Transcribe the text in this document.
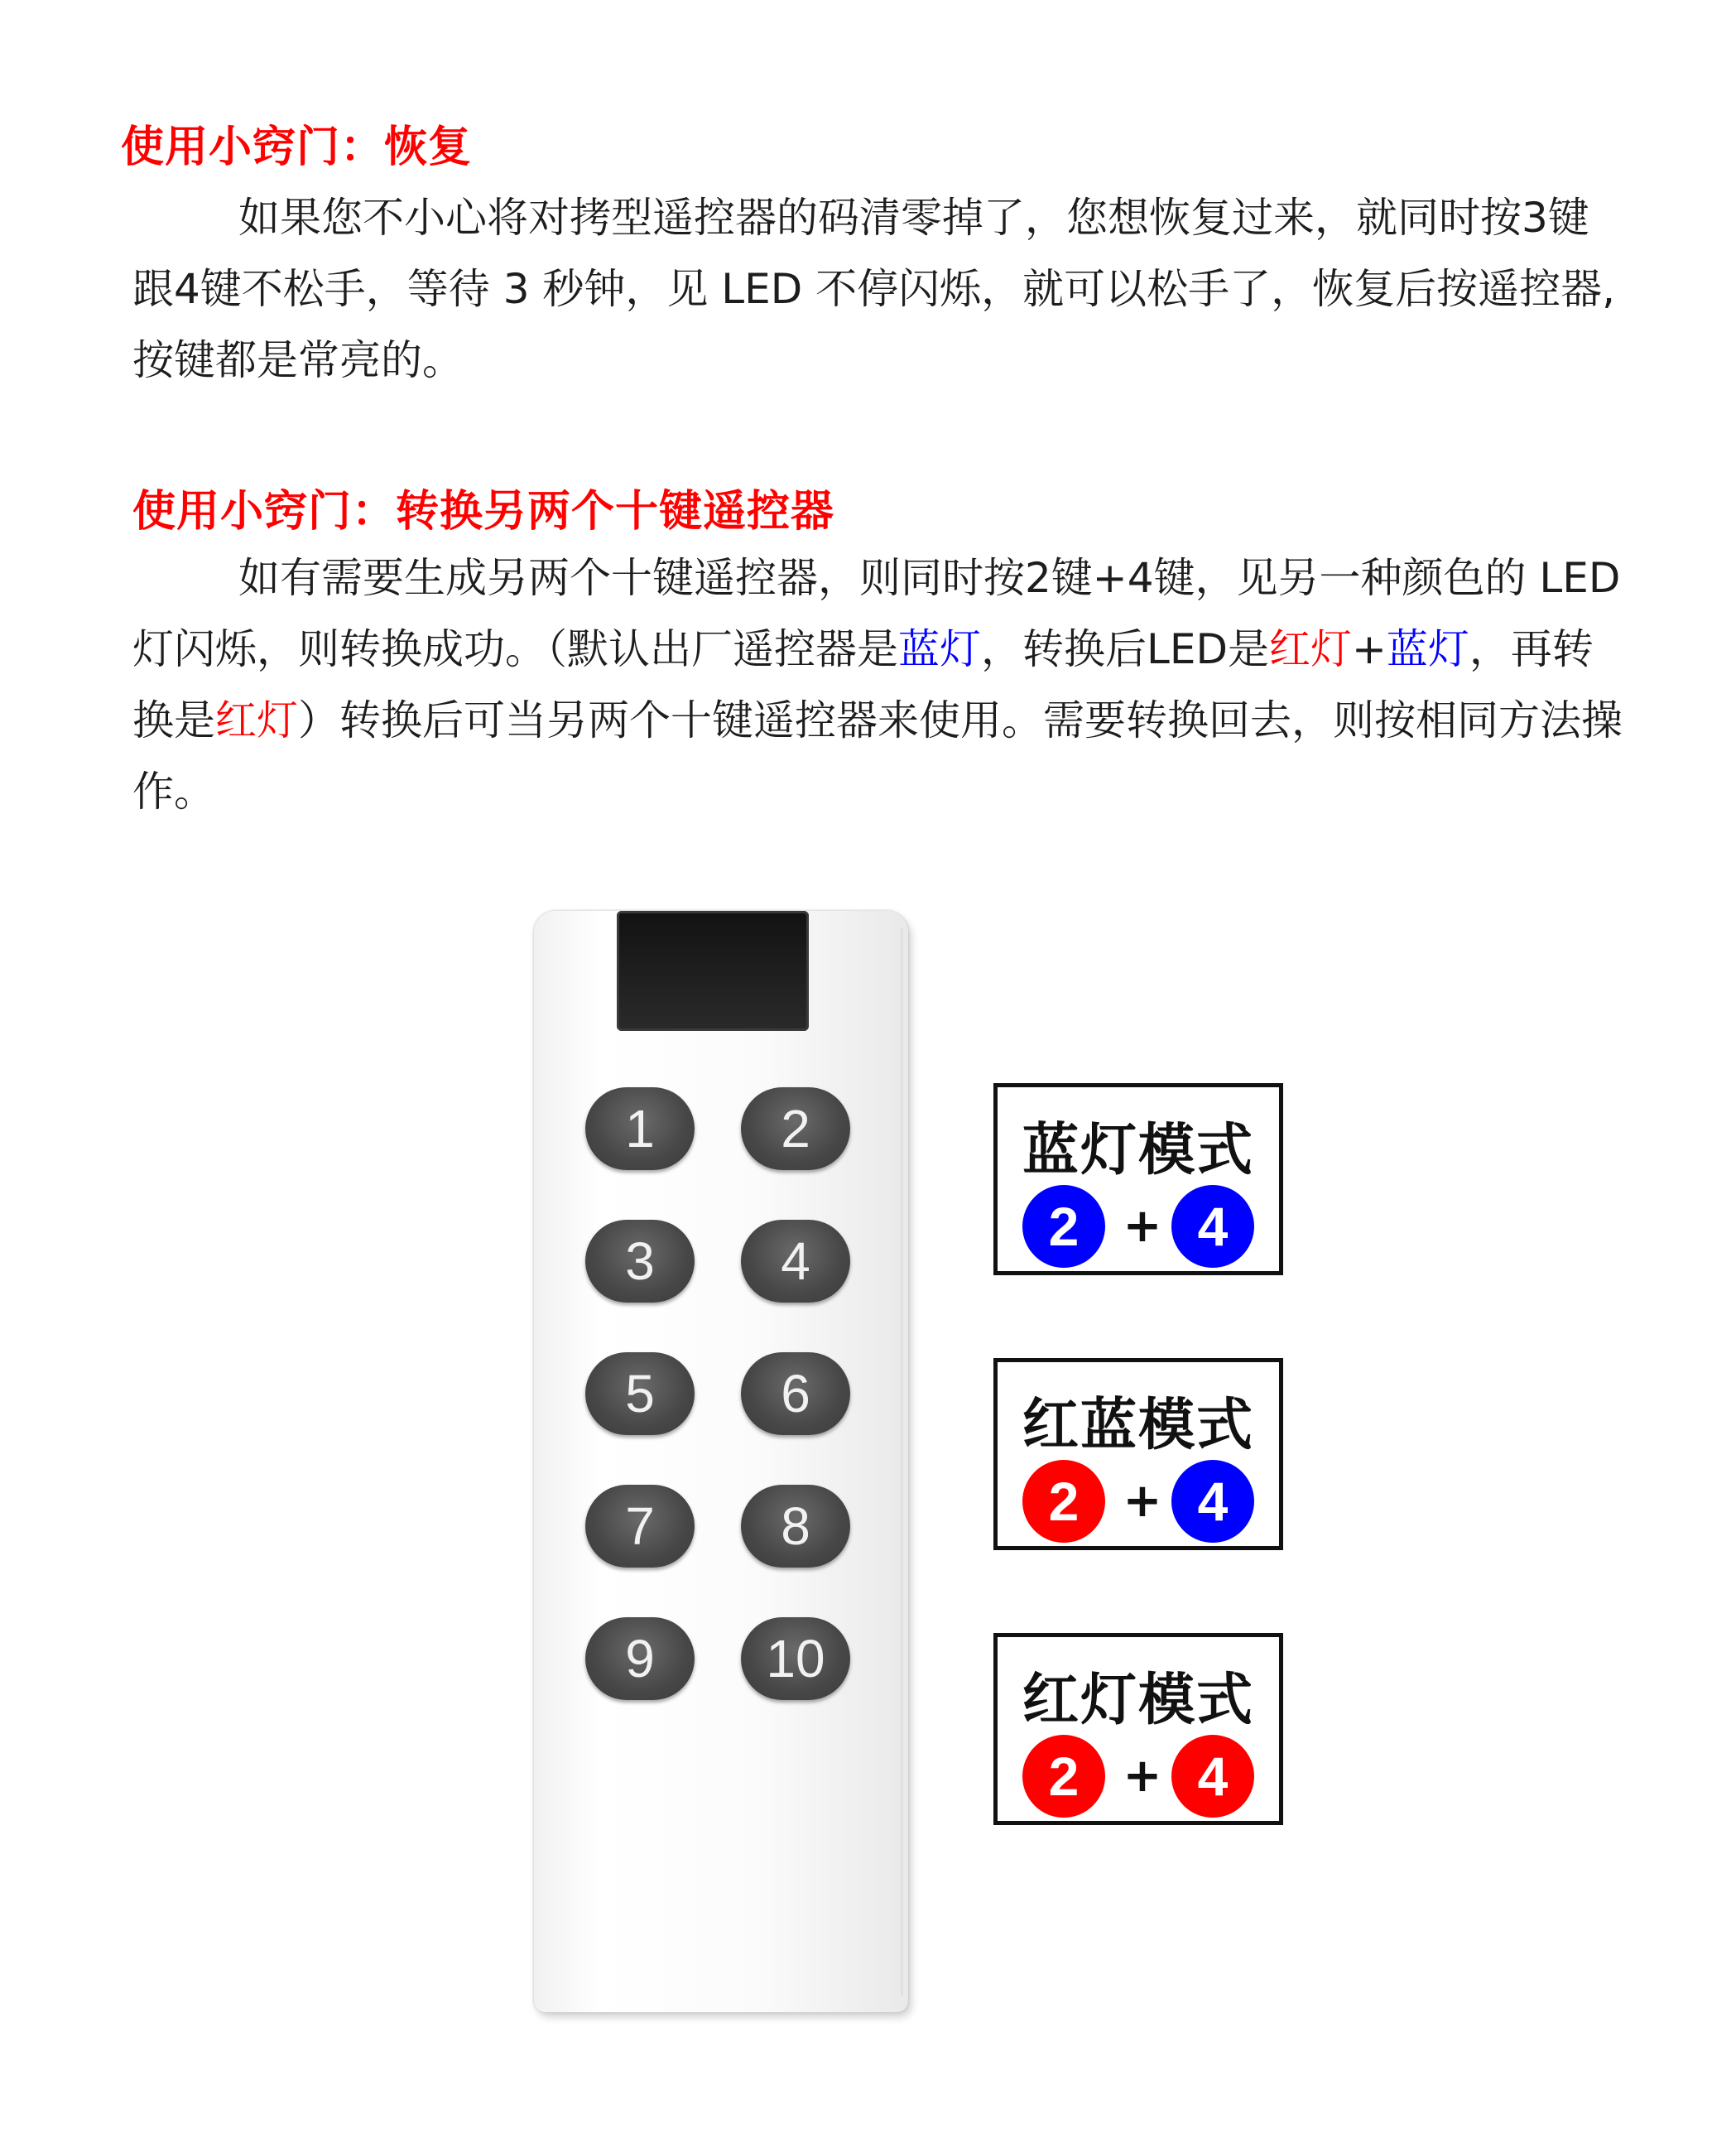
使用小窍门：恢复
如果您不小心将对拷型遥控器的码清零掉了，您想恢复过来，就同时按3键跟4键不松手，等待 3 秒钟，见 LED 不停闪烁，就可以松手了，恢复后按遥控器,按键都是常亮的。
使用小窍门：转换另两个十键遥控器
如有需要生成另两个十键遥控器，则同时按2键+4键，见另一种颜色的 LED 灯闪烁，则转换成功。（默认出厂遥控器是蓝灯，转换后LED是红灯+蓝灯，再转换是红灯）转换后可当另两个十键遥控器来使用。需要转换回去，则按相同方法操作。
1	2
3	4
5	6
7	8
9	10
蓝灯模式
2 + 4
红蓝模式
2 + 4
红灯模式
2 + 4
